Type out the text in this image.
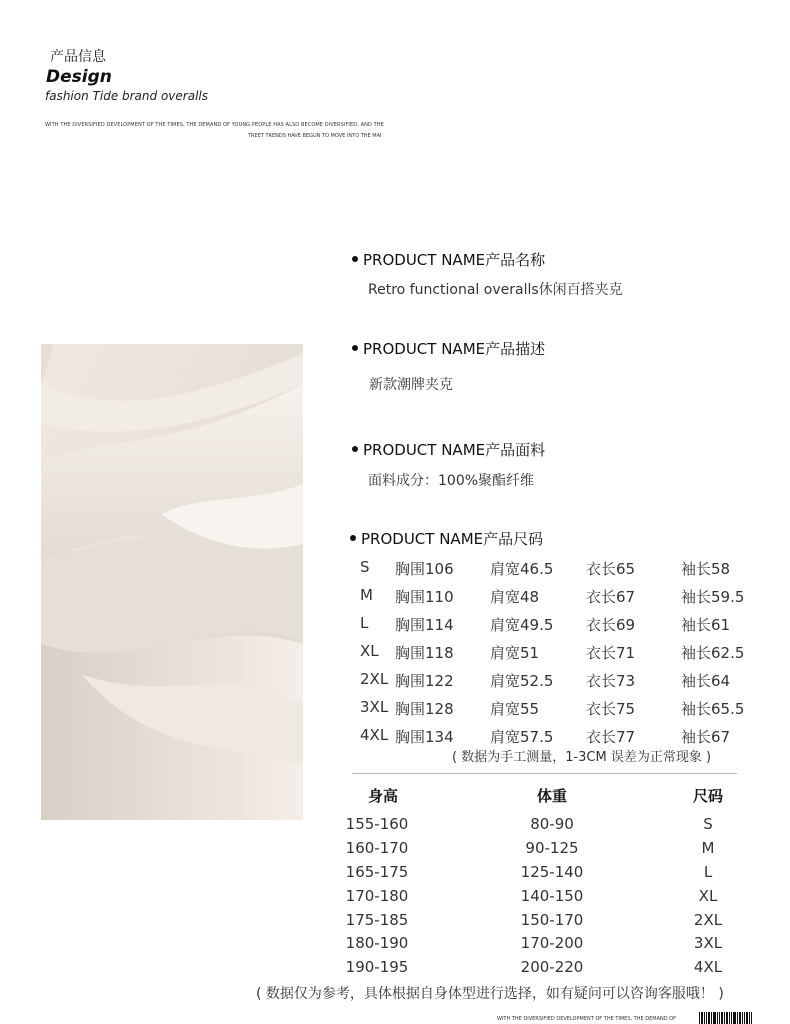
产品信息
Design
fashion Tide brand overalls
WITH THE DIVERSIFIED DEVELOPMENT OF THE TIMES, THE DEMAND OF YOUNG PEOPLE HAS ALSO BECOME DIVERSIFIED, AND THE
TREET TRENDS HAVE BEGUN TO MOVE INTO THE MAI
PRODUCT NAME产品名称
Retro functional overalls休闲百搭夹克
PRODUCT NAME产品描述
新款潮牌夹克
PRODUCT NAME产品面料
面料成分：100%聚酯纤维
PRODUCT NAME产品尺码
S 胸围106 肩宽46.5 衣长65	袖长58
M 胸围110 肩宽48	衣长67	袖长59.5
L 胸围114 肩宽49.5 衣长69	袖长61
XL 胸围118 肩宽51	衣长71	袖长62.5
2XL 胸围122 肩宽52.5 衣长73	袖长64
3XL 胸围128 肩宽55	衣长75	袖长65.5
4XL 胸围134 肩宽57.5 衣长77	袖长67
( 数据为手工测量，1-3CM 误差为正常现象 )
身高	体重	尺码
155-160	80-90	S
160-170	90-125	M
165-175	125-140	L
170-180	140-150	XL
175-185	150-170	2XL
180-190	170-200	3XL
190-195	200-220	4XL
( 数据仅为参考，具体根据自身体型进行选择，如有疑问可以咨询客服哦！ )
WITH THE DIVERSIFIED DEVELOPMENT OF THE TIMES, THE DEMAND OF
